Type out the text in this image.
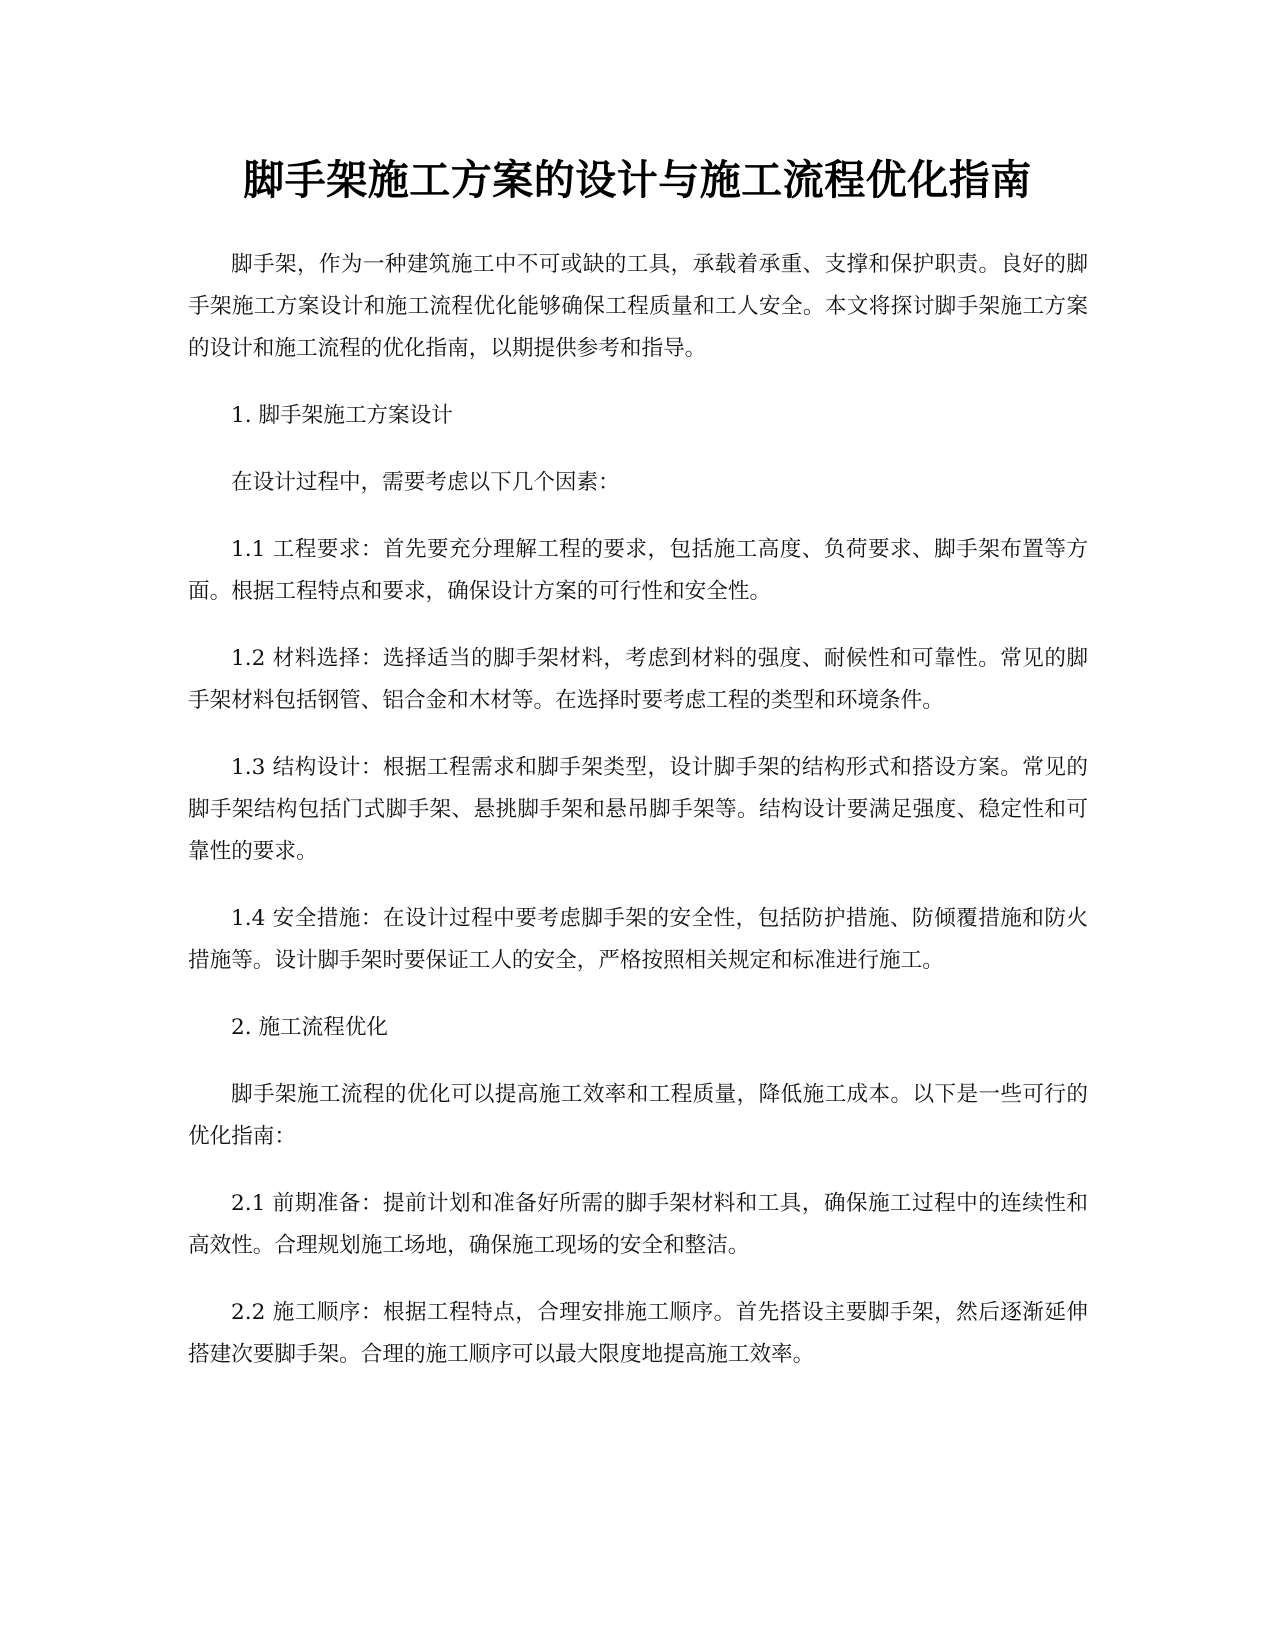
脚手架施工方案的设计与施工流程优化指南

脚手架，作为一种建筑施工中不可或缺的工具，承载着承重、支撑和保护职责。良好的脚手架施工方案设计和施工流程优化能够确保工程质量和工人安全。本文将探讨脚手架施工方案的设计和施工流程的优化指南，以期提供参考和指导。

1. 脚手架施工方案设计

在设计过程中，需要考虑以下几个因素：

1.1 工程要求：首先要充分理解工程的要求，包括施工高度、负荷要求、脚手架布置等方面。根据工程特点和要求，确保设计方案的可行性和安全性。

1.2 材料选择：选择适当的脚手架材料，考虑到材料的强度、耐候性和可靠性。常见的脚手架材料包括钢管、铝合金和木材等。在选择时要考虑工程的类型和环境条件。

1.3 结构设计：根据工程需求和脚手架类型，设计脚手架的结构形式和搭设方案。常见的脚手架结构包括门式脚手架、悬挑脚手架和悬吊脚手架等。结构设计要满足强度、稳定性和可靠性的要求。

1.4 安全措施：在设计过程中要考虑脚手架的安全性，包括防护措施、防倾覆措施和防火措施等。设计脚手架时要保证工人的安全，严格按照相关规定和标准进行施工。

2. 施工流程优化

脚手架施工流程的优化可以提高施工效率和工程质量，降低施工成本。以下是一些可行的优化指南：

2.1 前期准备：提前计划和准备好所需的脚手架材料和工具，确保施工过程中的连续性和高效性。合理规划施工场地，确保施工现场的安全和整洁。

2.2 施工顺序：根据工程特点，合理安排施工顺序。首先搭设主要脚手架，然后逐渐延伸搭建次要脚手架。合理的施工顺序可以最大限度地提高施工效率。
